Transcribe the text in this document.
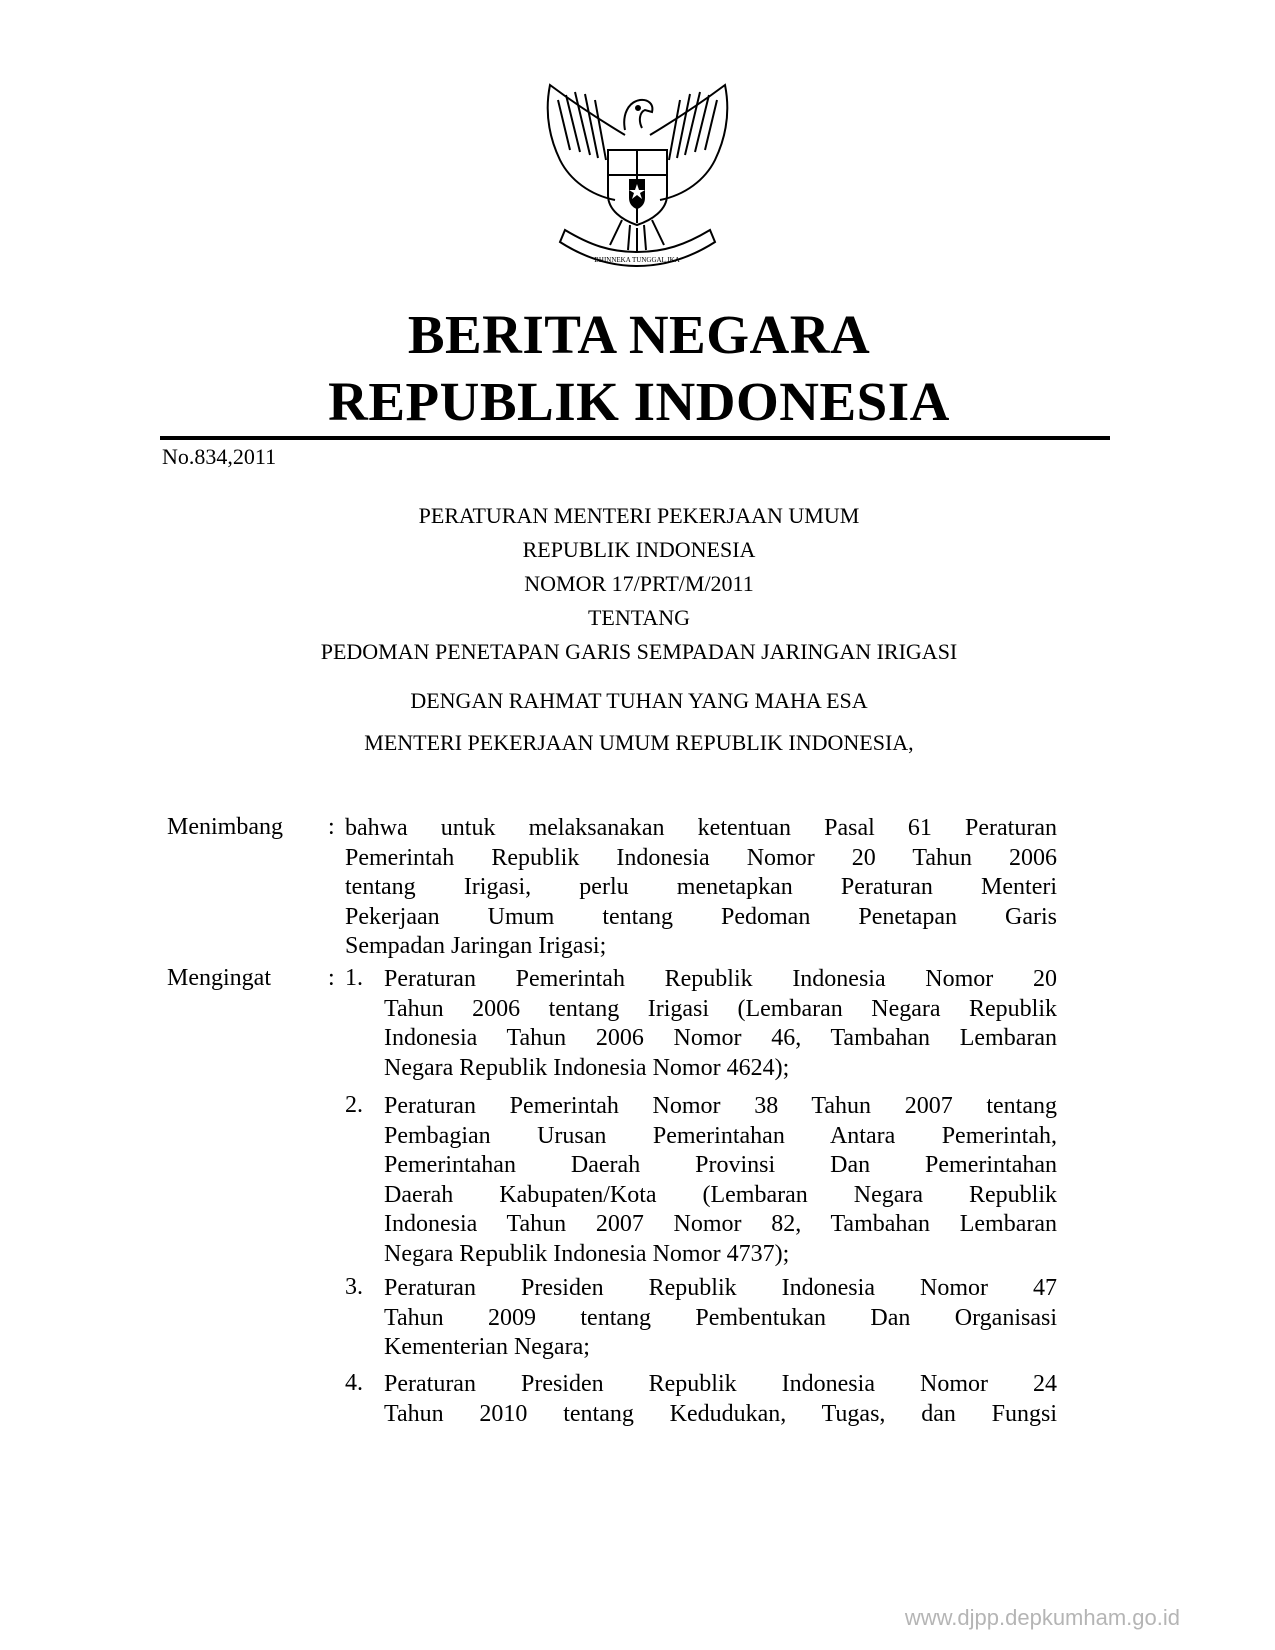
BHINNEKA TUNGGAL IKA
BERITA NEGARA
REPUBLIK INDONESIA
No.834,2011
PERATURAN MENTERI PEKERJAAN UMUM
REPUBLIK INDONESIA
NOMOR 17/PRT/M/2011
TENTANG
PEDOMAN PENETAPAN GARIS SEMPADAN JARINGAN IRIGASI
DENGAN RAHMAT TUHAN YANG MAHA ESA
MENTERI PEKERJAAN UMUM REPUBLIK INDONESIA,
Menimbang : bahwa untuk melaksanakan ketentuan Pasal 61 Peraturan
Pemerintah Republik Indonesia Nomor 20 Tahun 2006
tentang Irigasi, perlu menetapkan Peraturan Menteri
Pekerjaan Umum tentang Pedoman Penetapan Garis
Sempadan Jaringan Irigasi;
Mengingat : 1. Peraturan Pemerintah Republik Indonesia Nomor 20
Tahun 2006 tentang Irigasi (Lembaran Negara Republik
Indonesia Tahun 2006 Nomor 46, Tambahan Lembaran
Negara Republik Indonesia Nomor 4624);
2. Peraturan Pemerintah Nomor 38 Tahun 2007 tentang
Pembagian Urusan Pemerintahan Antara Pemerintah,
Pemerintahan Daerah Provinsi Dan Pemerintahan
Daerah Kabupaten/Kota (Lembaran Negara Republik
Indonesia Tahun 2007 Nomor 82, Tambahan Lembaran
Negara Republik Indonesia Nomor 4737);
3. Peraturan Presiden Republik Indonesia Nomor 47
Tahun 2009 tentang Pembentukan Dan Organisasi
Kementerian Negara;
4. Peraturan Presiden Republik Indonesia Nomor 24
Tahun 2010 tentang Kedudukan, Tugas, dan Fungsi
www.djpp.depkumham.go.id
